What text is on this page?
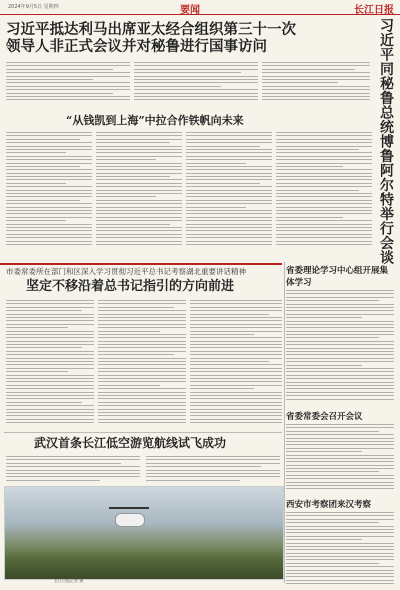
2024年9月5日 星期四	要闻	长江日报
习近平抵达利马出席亚太经合组织第三十一次
领导人非正式会议并对秘鲁进行国事访问	习近平同秘鲁总统博鲁阿尔特举行会谈
“从钱凯到上海”中拉合作铁帆向未来
市委常委所在部门和区深入学习贯彻习近平总书记考察湖北重要讲话精神
坚定不移沿着总书记指引的方向前进
武汉首条长江低空游览航线试飞成功
长江日报记者 摄
省委理论学习中心组开展集体学习
省委常委会召开会议
西安市考察团来汉考察
